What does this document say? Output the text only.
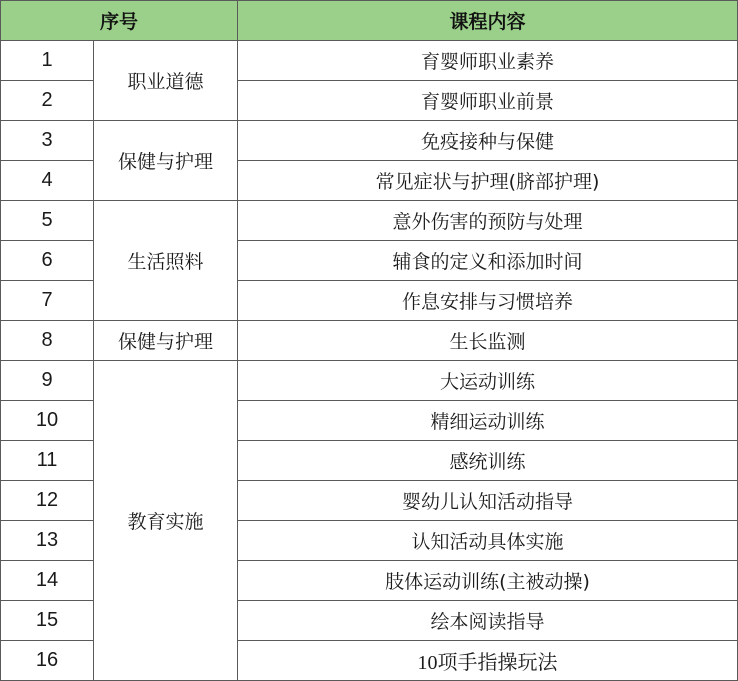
序号		课程内容
1	职业道德	育婴师职业素养
2		育婴师职业前景
3	保健与护理	免疫接种与保健
4		常见症状与护理(脐部护理)
5	生活照料	意外伤害的预防与处理
6		辅食的定义和添加时间
7		作息安排与习惯培养
8	保健与护理	生长监测
9	教育实施	大运动训练
10		精细运动训练
11		感统训练
12		婴幼儿认知活动指导
13		认知活动具体实施
14		肢体运动训练(主被动操)
15		绘本阅读指导
16		10项手指操玩法
